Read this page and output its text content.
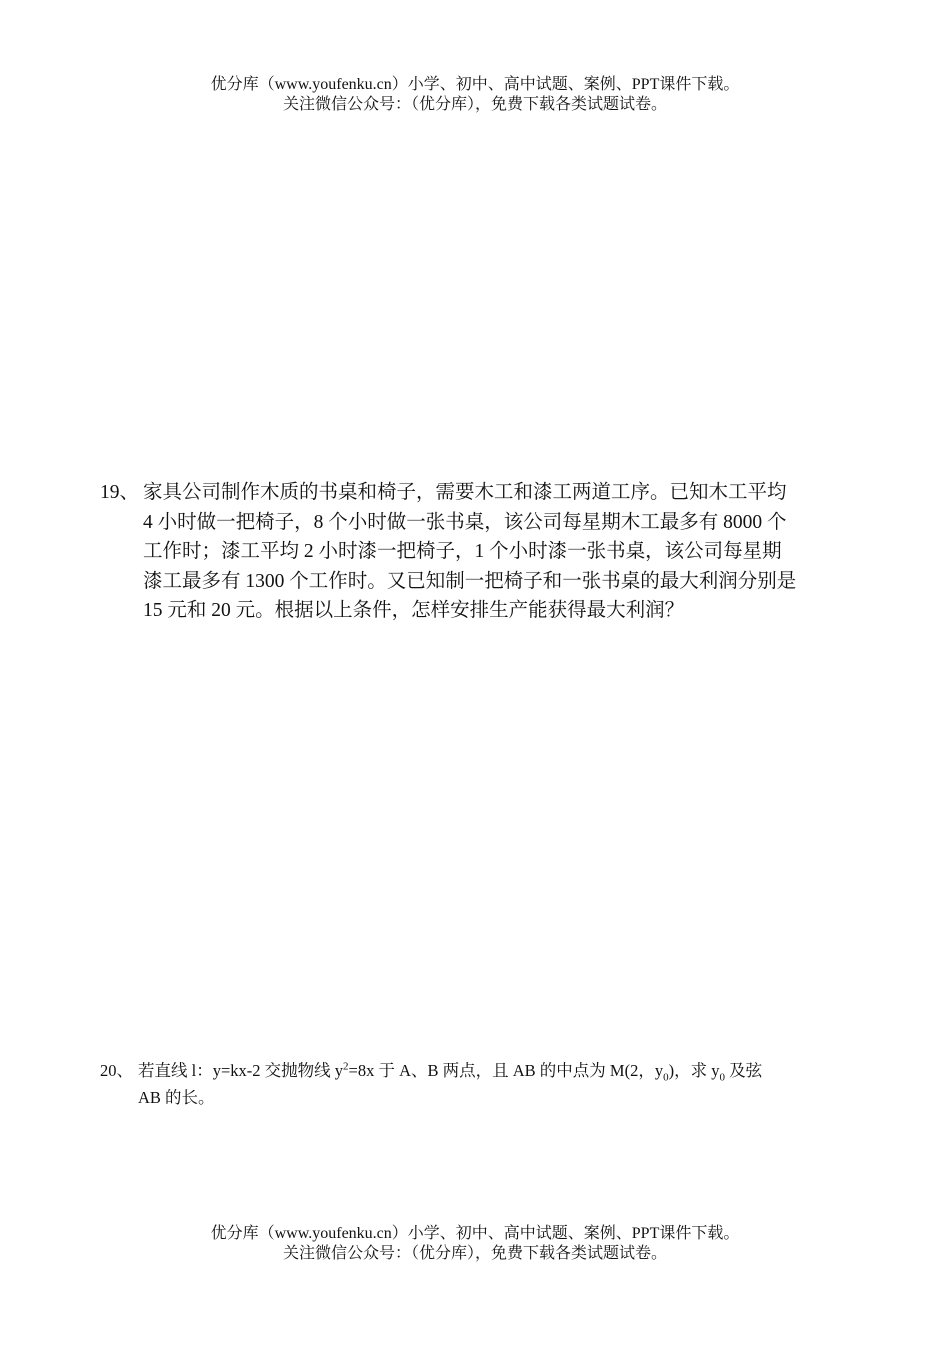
优分库（www.youfenku.cn）小学、初中、高中试题、案例、PPT课件下载。
关注微信公众号：（优分库），免费下载各类试题试卷。
19、 家具公司制作木质的书桌和椅子，需要木工和漆工两道工序。已知木工平均
4 小时做一把椅子，8 个小时做一张书桌，该公司每星期木工最多有 8000 个
工作时；漆工平均 2 小时漆一把椅子，1 个小时漆一张书桌，该公司每星期
漆工最多有 1300 个工作时。又已知制一把椅子和一张书桌的最大利润分别是
15 元和 20 元。根据以上条件，怎样安排生产能获得最大利润？
20、 若直线 l：y=kx-2 交抛物线 $y^2=8x$ 于 A、B 两点，且 AB 的中点为 M(2，$y_0$)，求 $y_0$ 及弦
AB 的长。
优分库（www.youfenku.cn）小学、初中、高中试题、案例、PPT课件下载。
关注微信公众号：（优分库），免费下载各类试题试卷。
